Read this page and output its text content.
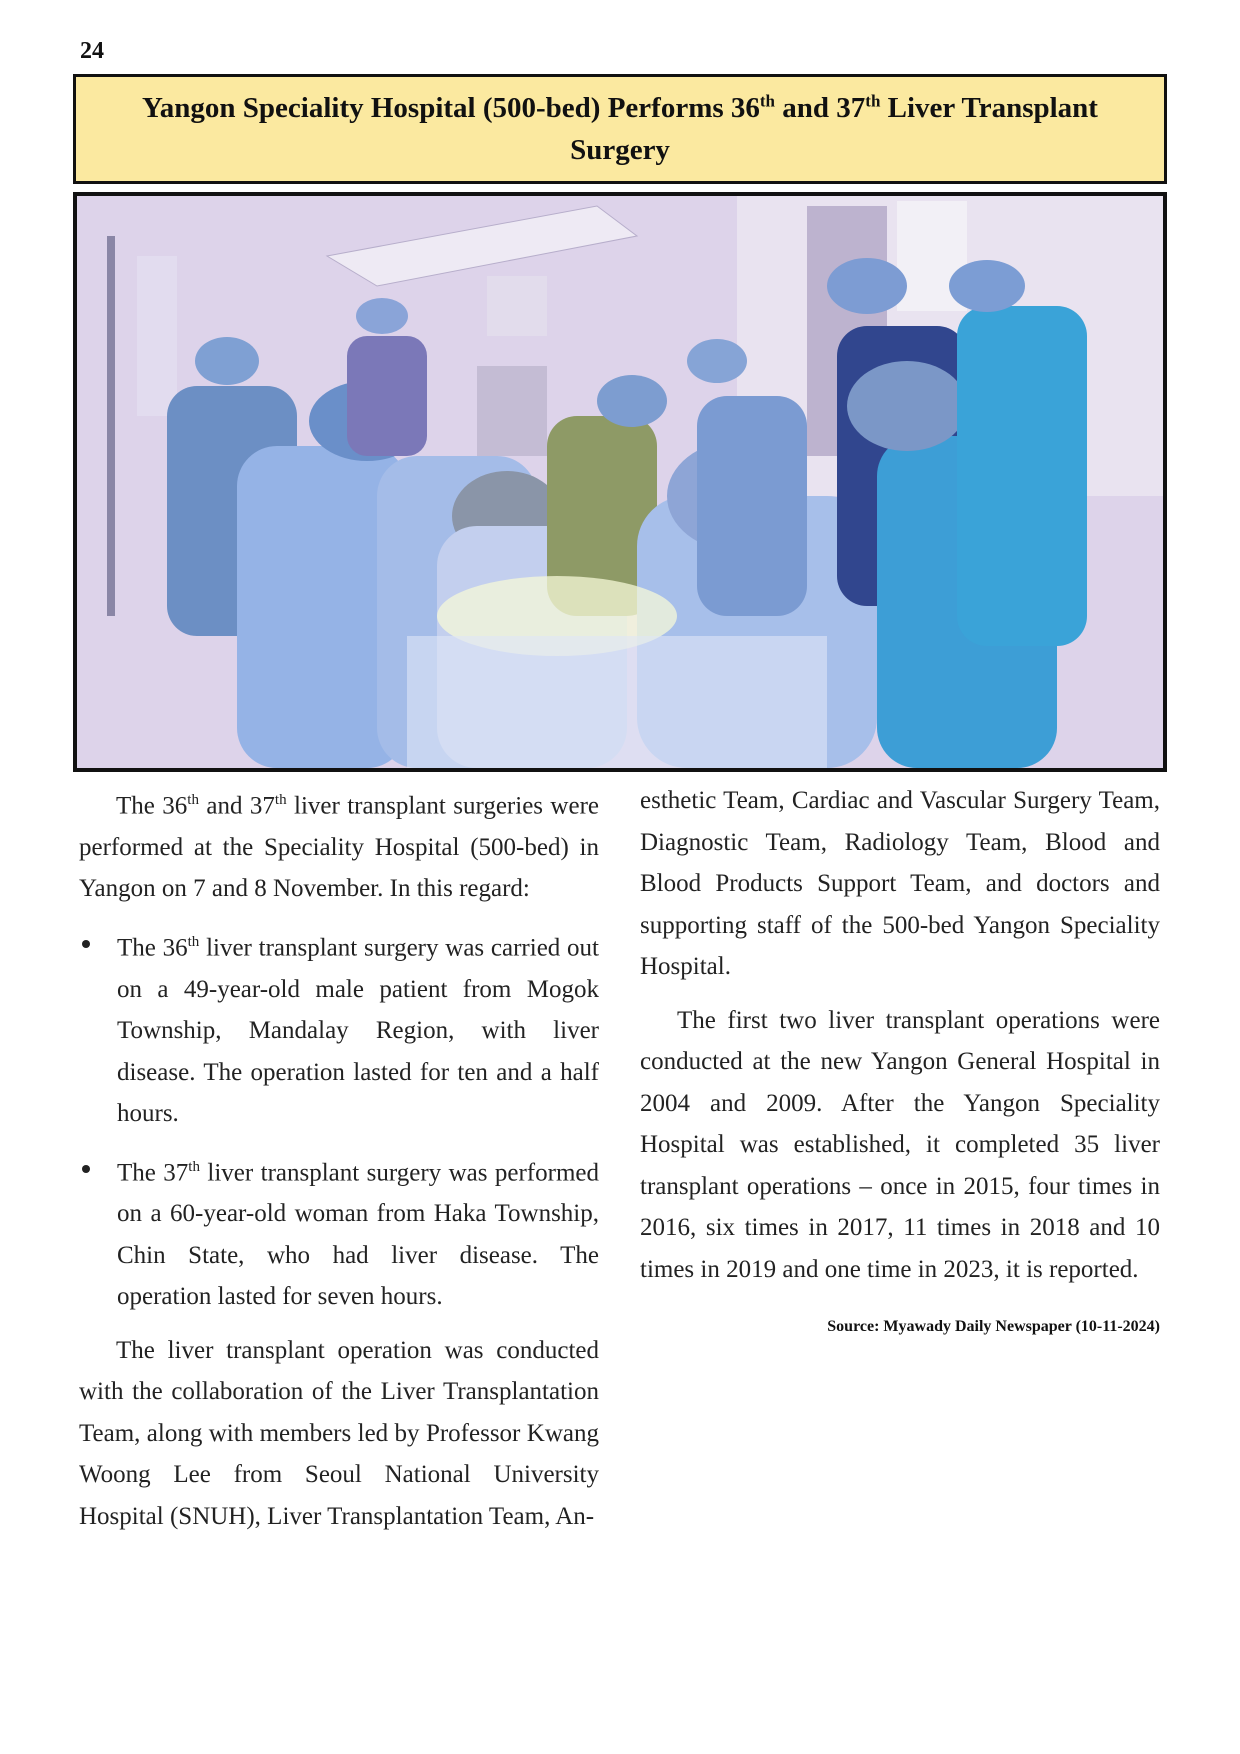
24
Yangon Speciality Hospital (500-bed) Performs 36th and 37th Liver Transplant
Surgery

The 36th and 37th liver transplant surgeries were performed at the Speciality Hospital (500-bed) in Yangon on 7 and 8 November. In this regard:

The 36th liver transplant surgery was carried out on a 49-year-old male patient from Mogok Township, Mandalay Region, with liver disease. The operation lasted for ten and a half hours.
The 37th liver transplant surgery was performed on a 60-year-old woman from Haka Township, Chin State, who had liver disease. The operation lasted for seven hours.

The liver transplant operation was conducted with the collaboration of the Liver Transplantation Team, along with members led by Professor Kwang Woong Lee from Seoul National University Hospital (SNUH), Liver Transplantation Team, An-

esthetic Team, Cardiac and Vascular Surgery Team, Diagnostic Team, Radiology Team, Blood and Blood Products Support Team, and doctors and supporting staff of the 500-bed Yangon Speciality Hospital.

The first two liver transplant operations were conducted at the new Yangon General Hospital in 2004 and 2009. After the Yangon Speciality Hospital was established, it completed 35 liver transplant operations – once in 2015, four times in 2016, six times in 2017, 11 times in 2018 and 10 times in 2019 and one time in 2023, it is reported.

Source: Myawady Daily Newspaper (10-11-2024)
